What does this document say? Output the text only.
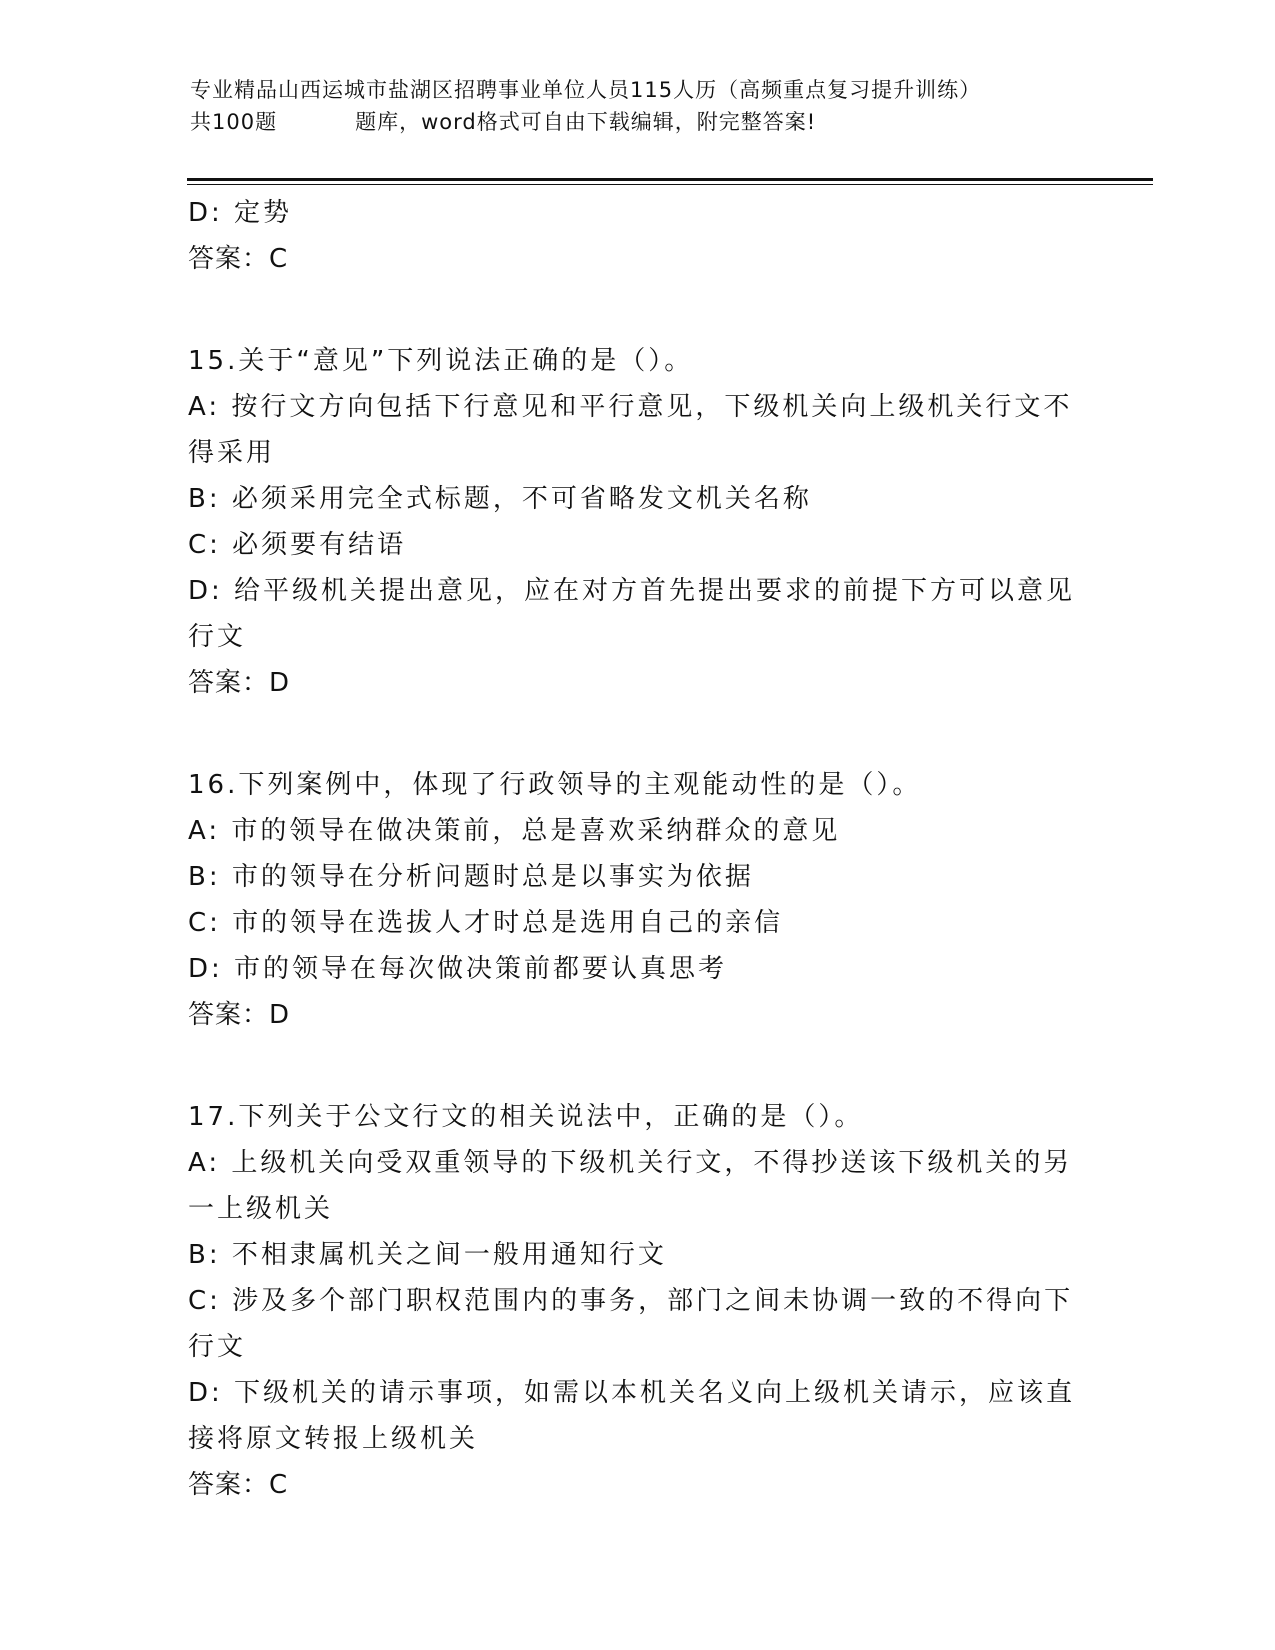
专业精品山西运城市盐湖区招聘事业单位人员115人历（高频重点复习提升训练）
共100题	题库，word格式可自由下载编辑，附完整答案!
D: 定势
答案：C
15.关于“意见”下列说法正确的是（）。
A: 按行文方向包括下行意见和平行意见，下级机关向上级机关行文不
得采用
B: 必须采用完全式标题，不可省略发文机关名称
C: 必须要有结语
D: 给平级机关提出意见，应在对方首先提出要求的前提下方可以意见
行文
答案：D
16.下列案例中，体现了行政领导的主观能动性的是（）。
A: 市的领导在做决策前，总是喜欢采纳群众的意见
B: 市的领导在分析问题时总是以事实为依据
C: 市的领导在选拔人才时总是选用自己的亲信
D: 市的领导在每次做决策前都要认真思考
答案：D
17.下列关于公文行文的相关说法中，正确的是（）。
A: 上级机关向受双重领导的下级机关行文，不得抄送该下级机关的另
一上级机关
B: 不相隶属机关之间一般用通知行文
C: 涉及多个部门职权范围内的事务，部门之间未协调一致的不得向下
行文
D: 下级机关的请示事项，如需以本机关名义向上级机关请示，应该直
接将原文转报上级机关
答案：C
